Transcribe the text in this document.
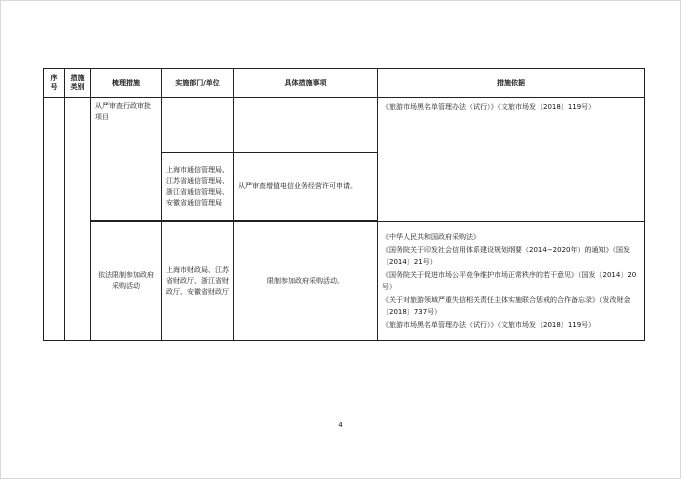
序号	措施类别	梳理措施	实施部门/单位	具体措施事项	措施依据
		从严审查行政审批项目			《旅游市场黑名单管理办法（试行）》（文旅市场发〔2018〕119号）

			上海市通信管理局、江苏省通信管理局、浙江省通信管理局、安徽省通信管理局	从严审查增值电信业务经营许可申请。	

		依法限制参加政府采购活动	上海市财政局、江苏省财政厅、浙江省财政厅、安徽省财政厅	限制参加政府采购活动。	《中华人民共和国政府采购法》
《国务院关于印发社会信用体系建设规划纲要（2014−2020年）的通知》（国发〔2014〕21号）
《国务院关于促进市场公平竞争维护市场正常秩序的若干意见》（国发〔2014〕20号）
《关于对旅游领域严重失信相关责任主体实施联合惩戒的合作备忘录》（发改财金〔2018〕737号）
《旅游市场黑名单管理办法（试行）》（文旅市场发〔2018〕119号）
4
